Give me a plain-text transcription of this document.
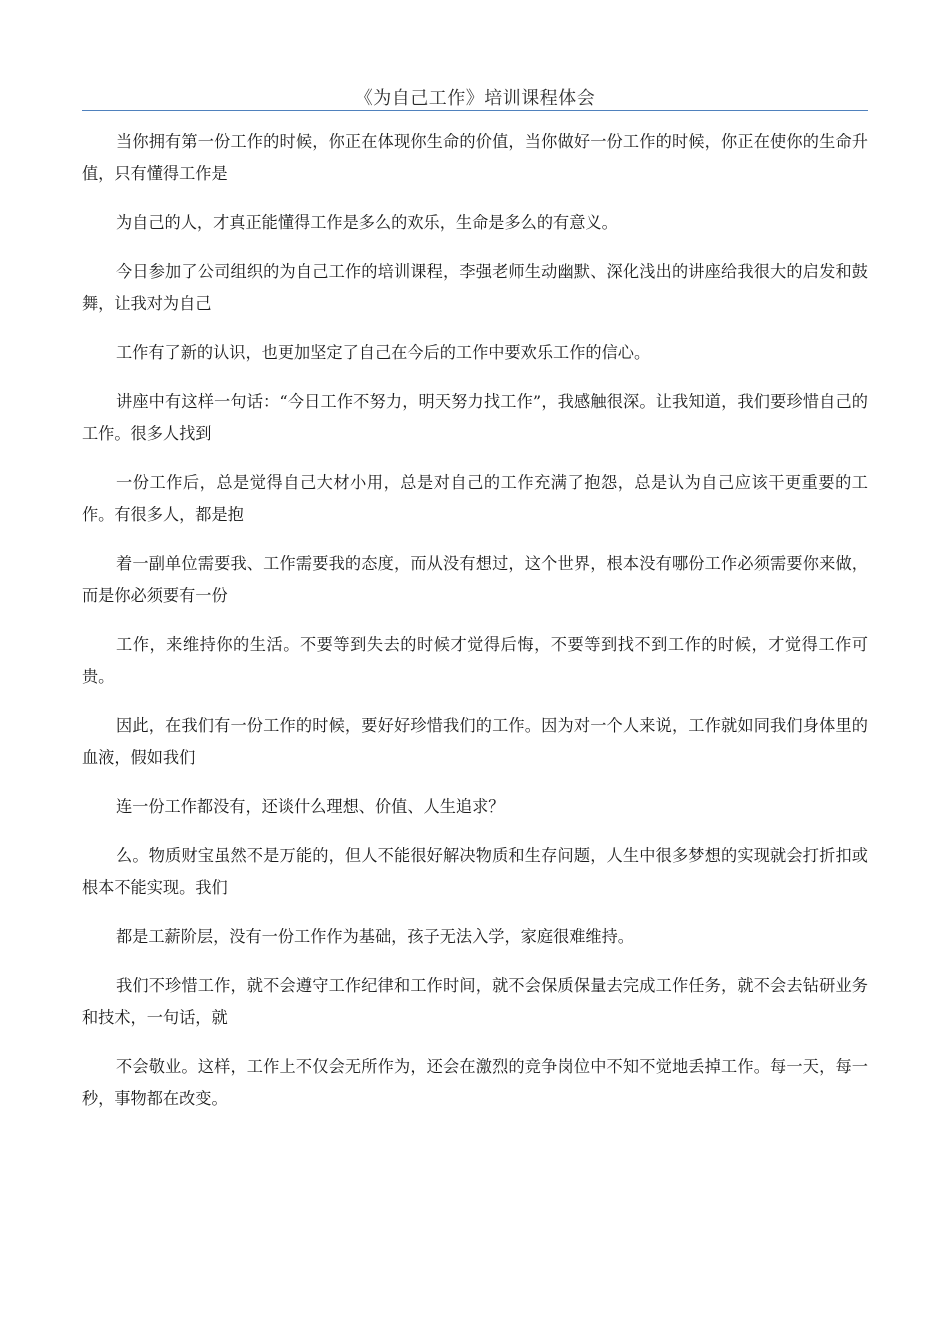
《为自己工作》培训课程体会

当你拥有第一份工作的时候，你正在体现你生命的价值，当你做好一份工作的时候，你正在使你的生命升值，只有懂得工作是

为自己的人，才真正能懂得工作是多么的欢乐，生命是多么的有意义。

今日参加了公司组织的为自己工作的培训课程，李强老师生动幽默、深化浅出的讲座给我很大的启发和鼓舞，让我对为自己

工作有了新的认识，也更加坚定了自己在今后的工作中要欢乐工作的信心。

讲座中有这样一句话：“今日工作不努力，明天努力找工作”，我感触很深。让我知道，我们要珍惜自己的工作。很多人找到

一份工作后，总是觉得自己大材小用，总是对自己的工作充满了抱怨，总是认为自己应该干更重要的工作。有很多人，都是抱

着一副单位需要我、工作需要我的态度，而从没有想过，这个世界，根本没有哪份工作必须需要你来做，而是你必须要有一份

工作，来维持你的生活。不要等到失去的时候才觉得后悔，不要等到找不到工作的时候，才觉得工作可贵。

因此，在我们有一份工作的时候，要好好珍惜我们的工作。因为对一个人来说，工作就如同我们身体里的血液，假如我们

连一份工作都没有，还谈什么理想、价值、人生追求？

么。物质财宝虽然不是万能的，但人不能很好解决物质和生存问题，人生中很多梦想的实现就会打折扣或根本不能实现。我们

都是工薪阶层，没有一份工作作为基础，孩子无法入学，家庭很难维持。

我们不珍惜工作，就不会遵守工作纪律和工作时间，就不会保质保量去完成工作任务，就不会去钻研业务和技术，一句话，就

不会敬业。这样，工作上不仅会无所作为，还会在激烈的竞争岗位中不知不觉地丢掉工作。每一天，每一秒，事物都在改变。
